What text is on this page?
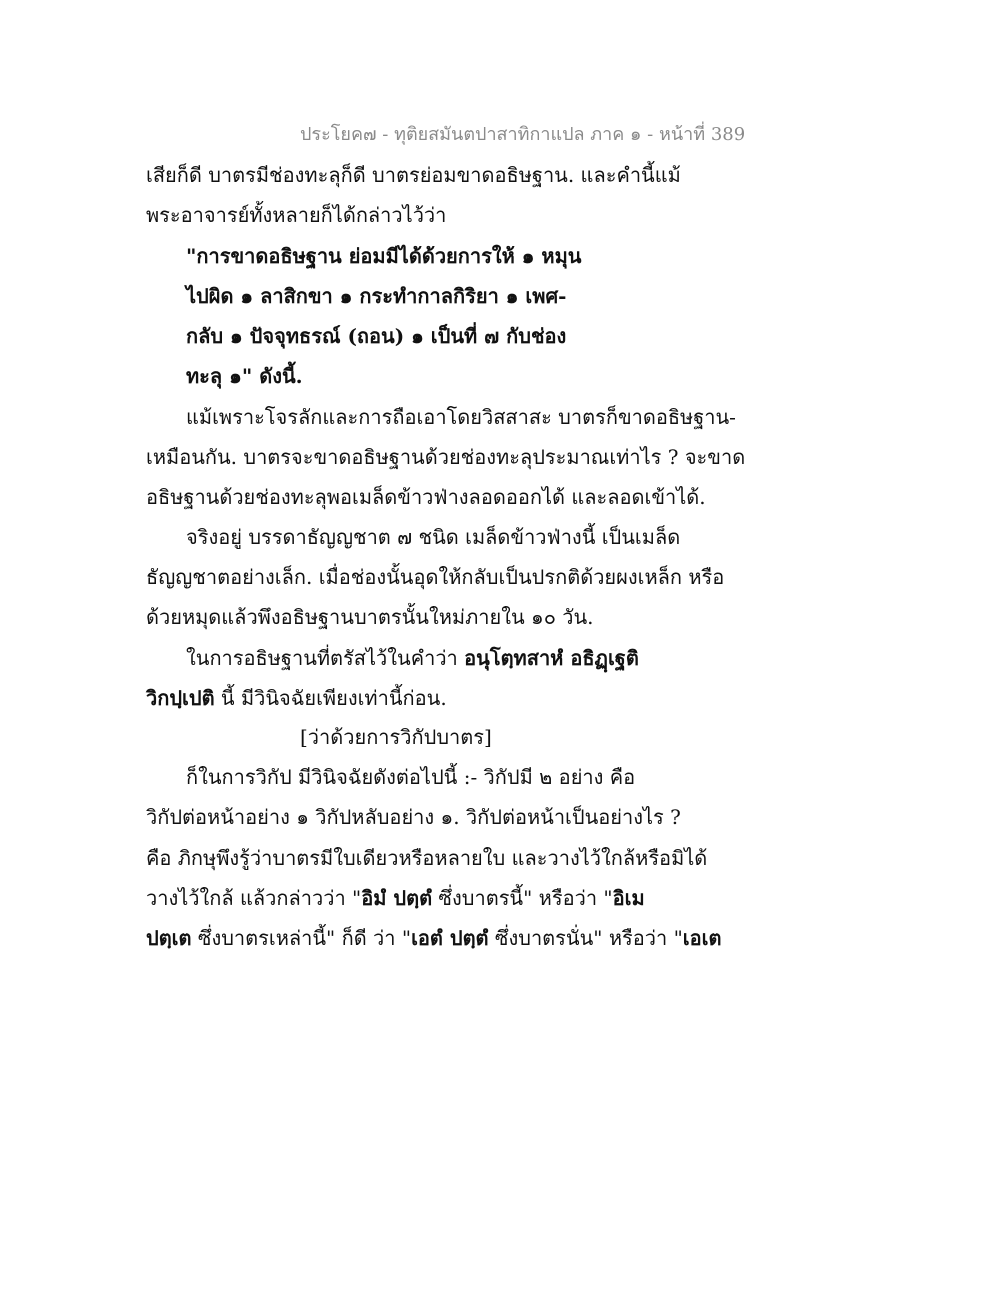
ประโยค๗ - ทุติยสมันตปาสาทิกาแปล ภาค ๑ - หน้าที่ 389
เสียก็ดี บาตรมีช่องทะลุก็ดี บาตรย่อมขาดอธิษฐาน. และคำนี้แม้
พระอาจารย์ทั้งหลายก็ได้กล่าวไว้ว่า
"การขาดอธิษฐาน ย่อมมีได้ด้วยการให้ ๑ หมุน
ไปผิด ๑ ลาสิกขา ๑ กระทำกาลกิริยา ๑ เพศ-
กลับ ๑ ปัจจุทธรณ์ (ถอน) ๑ เป็นที่ ๗ กับช่อง
ทะลุ ๑" ดังนี้.
แม้เพราะโจรลักและการถือเอาโดยวิสสาสะ บาตรก็ขาดอธิษฐาน-
เหมือนกัน. บาตรจะขาดอธิษฐานด้วยช่องทะลุประมาณเท่าไร ? จะขาด
อธิษฐานด้วยช่องทะลุพอเมล็ดข้าวฟ่างลอดออกได้ และลอดเข้าได้.
จริงอยู่ บรรดาธัญญชาต ๗ ชนิด เมล็ดข้าวฟ่างนี้ เป็นเมล็ด
ธัญญชาตอย่างเล็ก. เมื่อช่องนั้นอุดให้กลับเป็นปรกติด้วยผงเหล็ก หรือ
ด้วยหมุดแล้วพึงอธิษฐานบาตรนั้นใหม่ภายใน ๑๐ วัน.
ในการอธิษฐานที่ตรัสไว้ในคำว่า อนุโตฺทสาหํ อธิฏฺเฐติ
วิกปฺเปติ นี้ มีวินิจฉัยเพียงเท่านี้ก่อน.
[ว่าด้วยการวิกัปบาตร]
ก็ในการวิกัป มีวินิจฉัยดังต่อไปนี้ :- วิกัปมี ๒ อย่าง คือ
วิกัปต่อหน้าอย่าง ๑ วิกัปหลับอย่าง ๑. วิกัปต่อหน้าเป็นอย่างไร ?
คือ ภิกษุพึงรู้ว่าบาตรมีใบเดียวหรือหลายใบ และวางไว้ใกล้หรือมิได้
วางไว้ใกล้ แล้วกล่าวว่า "อิมํ ปตฺตํ ซึ่งบาตรนี้" หรือว่า "อิเม
ปตฺเต ซึ่งบาตรเหล่านี้" ก็ดี ว่า "เอตํ ปตฺตํ ซึ่งบาตรนั่น" หรือว่า "เอเต
